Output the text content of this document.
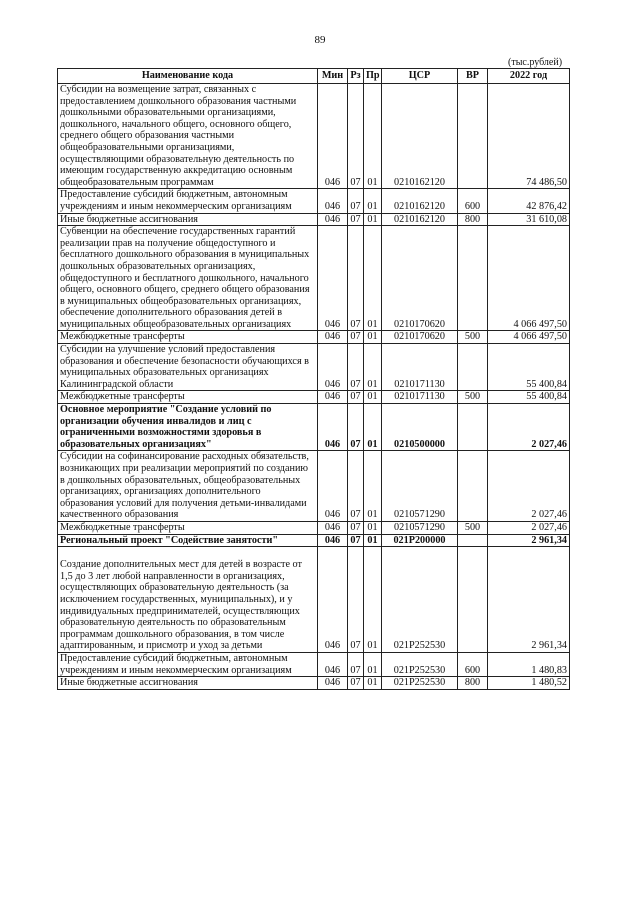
89
(тыс.рублей)
Наименование кода	Мин	Рз	Пр	ЦСР	ВР	2022 год
Субсидии на возмещение затрат, связанных с предоставлением дошкольного образования частными дошкольными образовательными организациями, дошкольного, начального общего, основного общего, среднего общего образования частными общеобразовательными организациями, осуществляющими образовательную деятельность по имеющим государственную аккредитацию основным общеобразовательным программам	046	07	01	0210162120		74 486,50
Предоставление субсидий бюджетным, автономным учреждениям и иным некоммерческим организациям	046	07	01	0210162120	600	42 876,42
Иные бюджетные ассигнования	046	07	01	0210162120	800	31 610,08
Субвенции на обеспечение государственных гарантий реализации прав на получение общедоступного и бесплатного дошкольного образования в муниципальных дошкольных образовательных организациях, общедоступного и бесплатного дошкольного, начального общего, основного общего, среднего общего образования в муниципальных общеобразовательных организациях, обеспечение дополнительного образования детей в муниципальных общеобразовательных организациях	046	07	01	0210170620		4 066 497,50
Межбюджетные трансферты	046	07	01	0210170620	500	4 066 497,50
Субсидии на улучшение условий предоставления образования и обеспечение безопасности обучающихся в муниципальных образовательных организациях Калининградской области	046	07	01	0210171130		55 400,84
Межбюджетные трансферты	046	07	01	0210171130	500	55 400,84
Основное мероприятие "Создание условий по организации обучения инвалидов и лиц с ограниченными возможностями здоровья в образовательных организациях"	046	07	01	0210500000		2 027,46
Субсидии на софинансирование расходных обязательств, возникающих при реализации мероприятий по созданию в дошкольных образовательных, общеобразовательных организациях, организациях дополнительного образования условий для получения детьми-инвалидами качественного образования	046	07	01	0210571290		2 027,46
Межбюджетные трансферты	046	07	01	0210571290	500	2 027,46
Региональный проект "Содействие занятости"	046	07	01	021P200000		2 961,34
Создание дополнительных мест для детей в возрасте от 1,5 до 3 лет любой направленности в организациях, осуществляющих образовательную деятельность (за исключением государственных, муниципальных), и у индивидуальных предпринимателей, осуществляющих образовательную деятельность по образовательным программам дошкольного образования, в том числе адаптированным, и присмотр и уход за детьми	046	07	01	021P252530		2 961,34
Предоставление субсидий бюджетным, автономным учреждениям и иным некоммерческим организациям	046	07	01	021P252530	600	1 480,83
Иные бюджетные ассигнования	046	07	01	021P252530	800	1 480,52
